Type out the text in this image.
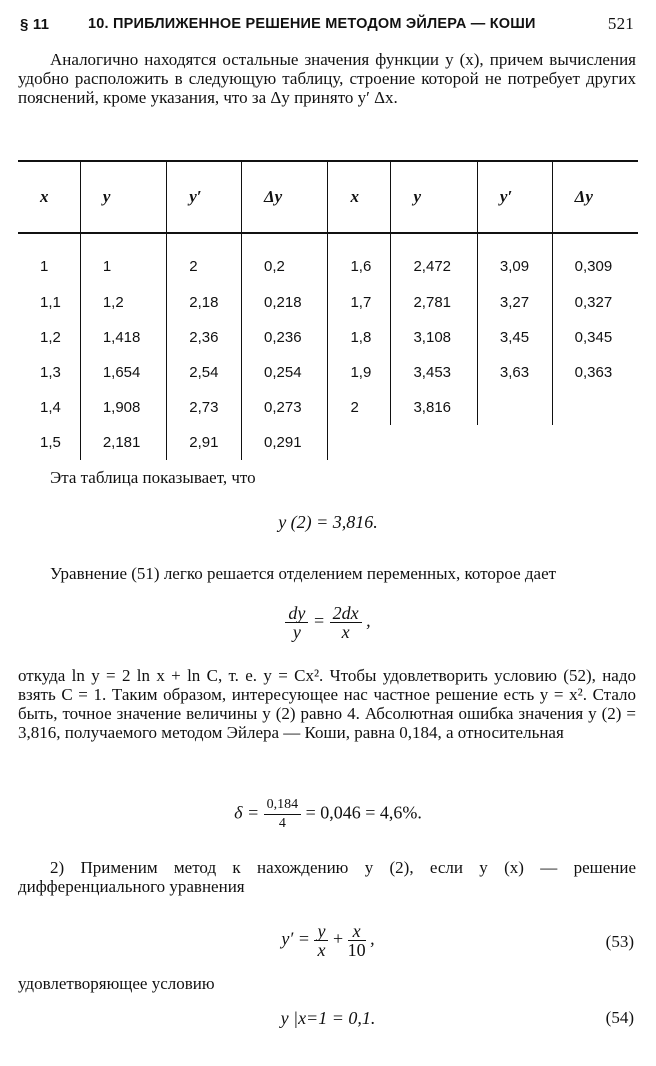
§ 11	10. ПРИБЛИЖЕННОЕ РЕШЕНИЕ МЕТОДОМ ЭЙЛЕРА — КОШИ	521

Аналогично находятся остальные значения функции y (x), причем вычисления удобно расположить в следующую таблицу, строение которой не потребует других пояснений, кроме указания, что за Δy принято y′ Δx.

x	y	y′	Δy	x	y	y′	Δy
1	1	2	0,2	1,6	2,472	3,09	0,309
1,1	1,2	2,18	0,218	1,7	2,781	3,27	0,327
1,2	1,418	2,36	0,236	1,8	3,108	3,45	0,345
1,3	1,654	2,54	0,254	1,9	3,453	3,63	0,363
1,4	1,908	2,73	0,273	2	3,816		
1,5	2,181	2,91	0,291				

Эта таблица показывает, что

y (2) = 3,816.

Уравнение (51) легко решается отделением переменных, которое дает

$\frac{dy}{y} = \frac{2dx}{x}$ ,

откуда ln y = 2 ln x + ln C, т. е. y = Cx². Чтобы удовлетворить условию (52), надо взять C = 1. Таким образом, интересующее нас частное решение есть y = x². Стало быть, точное значение величины y (2) равно 4. Абсолютная ошибка значения y (2) = 3,816, получаемого методом Эйлера — Коши, равна 0,184, а относительная

$\delta = \frac{0,184}{4} = 0,046 = 4,6\%$.

2) Применим метод к нахождению y (2), если y (x) — решение дифференциального уравнения

$y' = \frac{y}{x} + \frac{x}{10}$ ,	(53)

удовлетворяющее условию

y |x=1 = 0,1.	(54)
